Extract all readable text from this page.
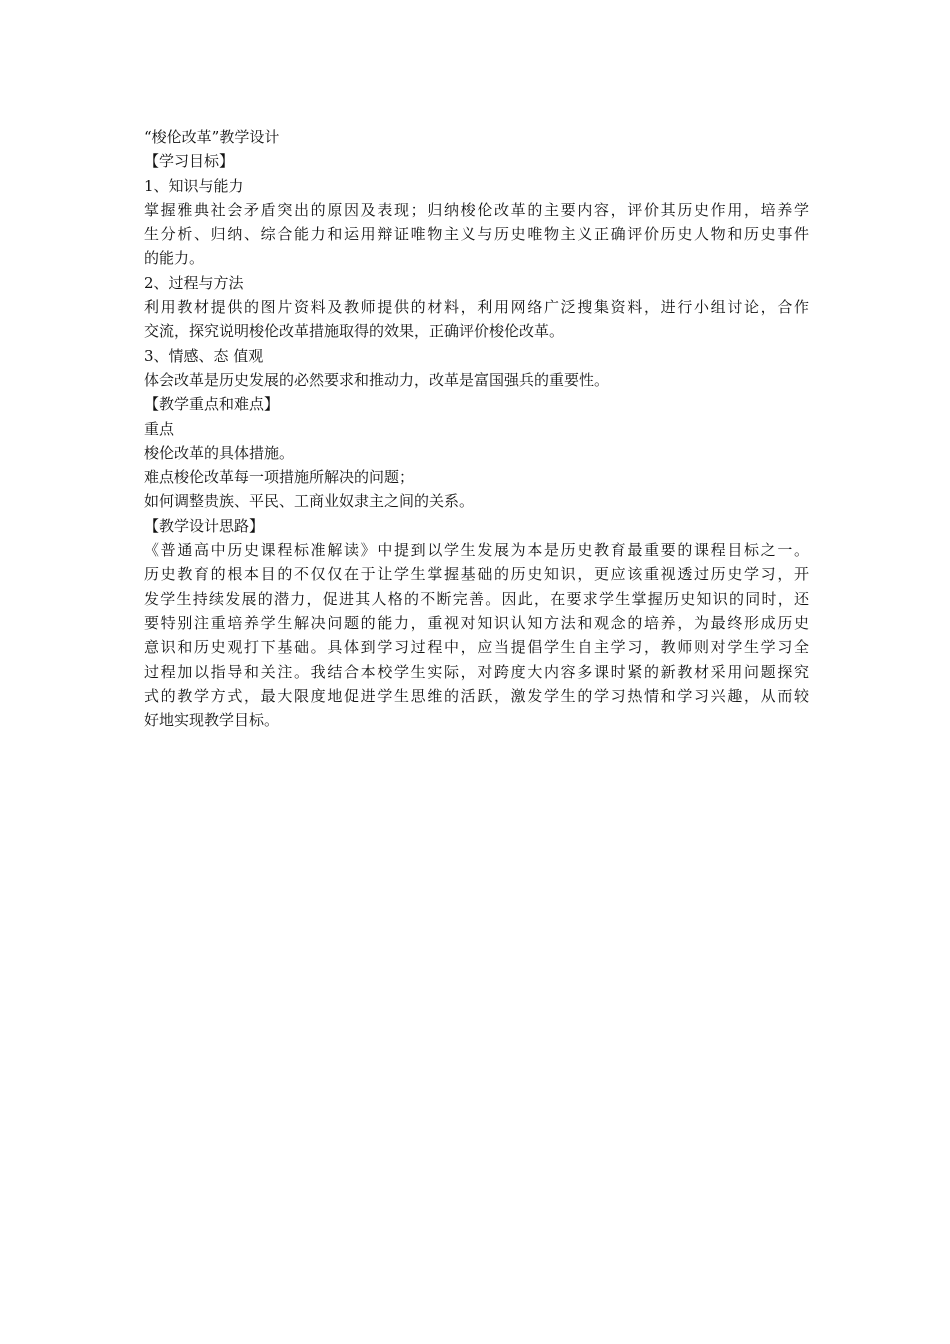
“梭伦改革”教学设计

【学习目标】

1、知识与能力

掌握雅典社会矛盾突出的原因及表现；归纳梭伦改革的主要内容，评价其历史作用，培养学
生分析、归纳、综合能力和运用辩证唯物主义与历史唯物主义正确评价历史人物和历史事件
的能力。

2、过程与方法

利用教材提供的图片资料及教师提供的材料，利用网络广泛搜集资料，进行小组讨论，合作
交流，探究说明梭伦改革措施取得的效果，正确评价梭伦改革。

3、情感、态 值观

体会改革是历史发展的必然要求和推动力，改革是富国强兵的重要性。

【教学重点和难点】

重点

梭伦改革的具体措施。

难点梭伦改革每一项措施所解决的问题；

如何调整贵族、平民、工商业奴隶主之间的关系。

【教学设计思路】

《普通高中历史课程标准解读》中提到以学生发展为本是历史教育最重要的课程目标之一。
历史教育的根本目的不仅仅在于让学生掌握基础的历史知识，更应该重视透过历史学习，开
发学生持续发展的潜力，促进其人格的不断完善。因此，在要求学生掌握历史知识的同时，还
要特别注重培养学生解决问题的能力，重视对知识认知方法和观念的培养，为最终形成历史
意识和历史观打下基础。具体到学习过程中，应当提倡学生自主学习，教师则对学生学习全
过程加以指导和关注。我结合本校学生实际，对跨度大内容多课时紧的新教材采用问题探究
式的教学方式，最大限度地促进学生思维的活跃，激发学生的学习热情和学习兴趣，从而较
好地实现教学目标。
